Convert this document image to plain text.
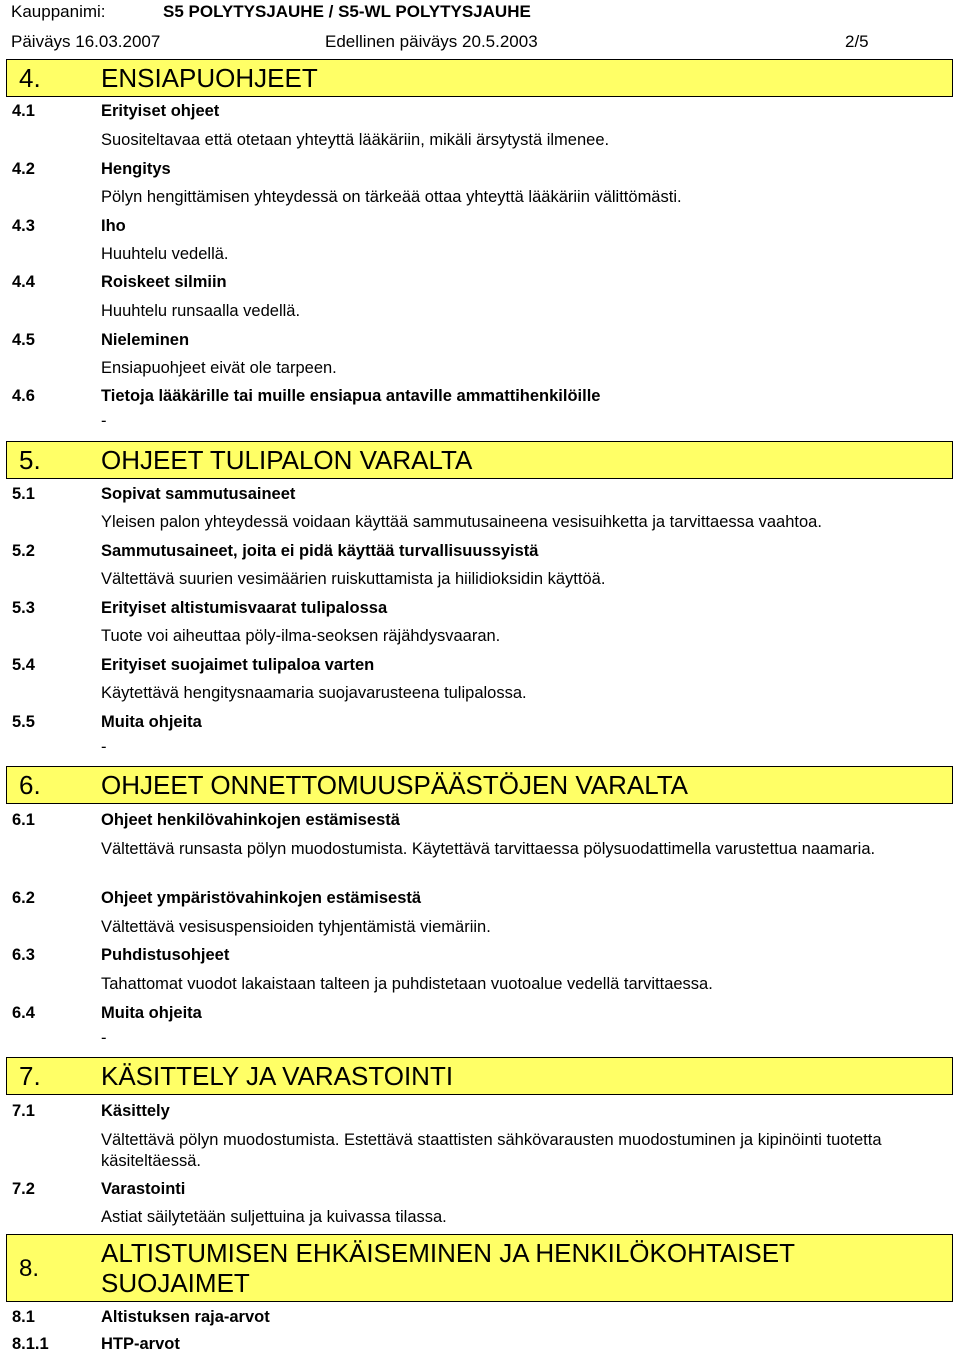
Kauppanimi:	S5 POLYTYSJAUHE / S5-WL POLYTYSJAUHE
Päiväys 16.03.2007	Edellinen päiväys 20.5.2003	2/5
4. ENSIAPUOHJEET
4.1	Erityiset ohjeet
Suositeltavaa että otetaan yhteyttä lääkäriin, mikäli ärsytystä ilmenee.
4.2	Hengitys
Pölyn hengittämisen yhteydessä on tärkeää ottaa yhteyttä lääkäriin välittömästi.
4.3	Iho
Huuhtelu vedellä.
4.4	Roiskeet silmiin
Huuhtelu runsaalla vedellä.
4.5	Nieleminen
Ensiapuohjeet eivät ole tarpeen.
4.6	Tietoja lääkärille tai muille ensiapua antaville ammattihenkilöille
-
5. OHJEET TULIPALON VARALTA
5.1	Sopivat sammutusaineet
Yleisen palon yhteydessä voidaan käyttää sammutusaineena vesisuihketta ja tarvittaessa vaahtoa.
5.2	Sammutusaineet, joita ei pidä käyttää turvallisuussyistä
Vältettävä suurien vesimäärien ruiskuttamista ja hiilidioksidin käyttöä.
5.3	Erityiset altistumisvaarat tulipalossa
Tuote voi aiheuttaa pöly-ilma-seoksen räjähdysvaaran.
5.4	Erityiset suojaimet tulipaloa varten
Käytettävä hengitysnaamaria suojavarusteena tulipalossa.
5.5	Muita ohjeita
-
6. OHJEET ONNETTOMUUSPÄÄSTÖJEN VARALTA
6.1	Ohjeet henkilövahinkojen estämisestä
Vältettävä runsasta pölyn muodostumista. Käytettävä tarvittaessa pölysuodattimella varustettua naamaria.
6.2	Ohjeet ympäristövahinkojen estämisestä
Vältettävä vesisuspensioiden tyhjentämistä viemäriin.
6.3	Puhdistusohjeet
Tahattomat vuodot lakaistaan talteen ja puhdistetaan vuotoalue vedellä tarvittaessa.
6.4	Muita ohjeita
-
7. KÄSITTELY JA VARASTOINTI
7.1	Käsittely
Vältettävä pölyn muodostumista. Estettävä staattisten sähkövarausten muodostuminen ja kipinöinti tuotetta käsiteltäessä.
7.2	Varastointi
Astiat säilytetään suljettuina ja kuivassa tilassa.
8.
ALTISTUMISEN EHKÄISEMINEN JA HENKILÖKOHTAISET
SUOJAIMET
8.1	Altistuksen raja-arvot
8.1.1	HTP-arvot
